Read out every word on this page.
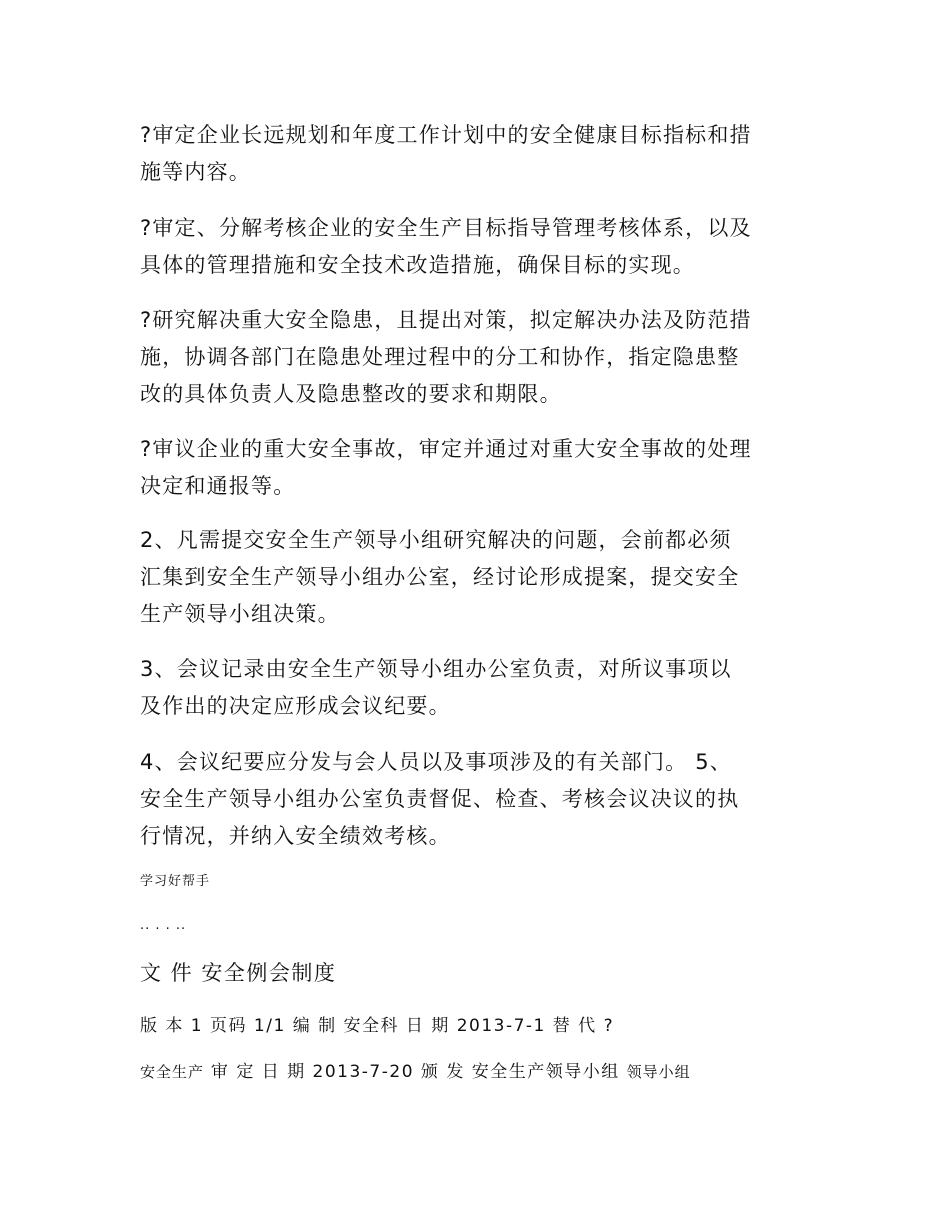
?审定企业长远规划和年度工作计划中的安全健康目标指标和措
施等内容。

?审定、分解考核企业的安全生产目标指导管理考核体系，以及
具体的管理措施和安全技术改造措施，确保目标的实现。

?研究解决重大安全隐患，且提出对策，拟定解决办法及防范措
施，协调各部门在隐患处理过程中的分工和协作，指定隐患整
改的具体负责人及隐患整改的要求和期限。

?审议企业的重大安全事故，审定并通过对重大安全事故的处理
决定和通报等。

2、凡需提交安全生产领导小组研究解决的问题，会前都必须
汇集到安全生产领导小组办公室，经讨论形成提案，提交安全
生产领导小组决策。

3、会议记录由安全生产领导小组办公室负责，对所议事项以
及作出的决定应形成会议纪要。

4、会议纪要应分发与会人员以及事项涉及的有关部门。 5、
安全生产领导小组办公室负责督促、检查、考核会议决议的执
行情况，并纳入安全绩效考核。

学习好帮手

.. . . ..

文 件 安全例会制度

版 本 1 页码 1/1 编 制 安全科 日 期 2013-7-1 替 代 ?

安全生产 审 定 日 期 2013-7-20 颁 发 安全生产领导小组 领导小组
